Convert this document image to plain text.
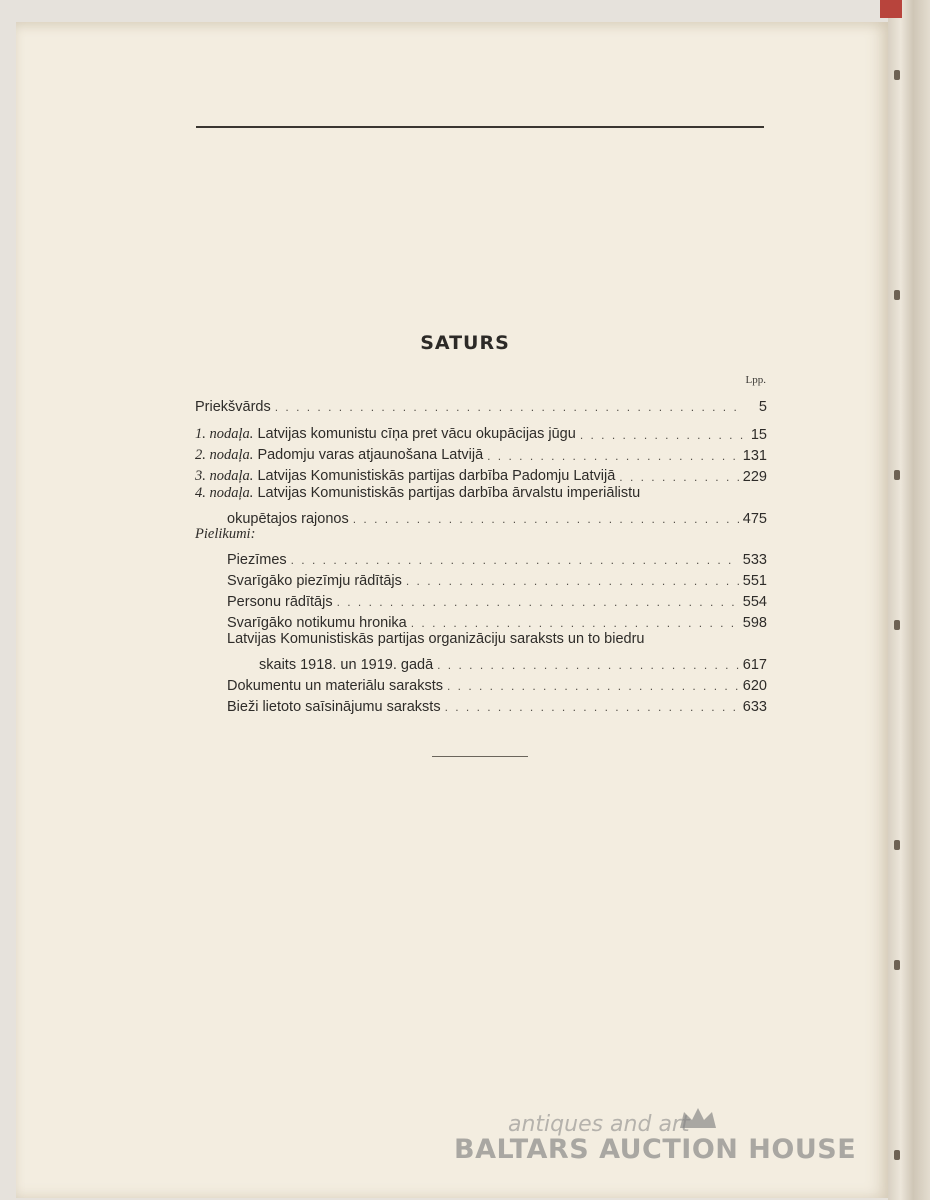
SATURS
Lpp.
Priekšvārds . . .	5
1. nodaļa. Latvijas komunistu cīņa pret vācu okupācijas jūgu . . .	15
2. nodaļa. Padomju varas atjaunošana Latvijā . . .	131
3. nodaļa. Latvijas Komunistiskās partijas darbība Padomju Latvijā . . .	229
4. nodaļa. Latvijas Komunistiskās partijas darbība ārvalstu imperiālistu
okupētajos rajonos . . .	475
Pielikumi:
Piezīmes . . .	533
Svarīgāko piezīmju rādītājs . . .	551
Personu rādītājs . . .	554
Svarīgāko notikumu hronika . . .	598
Latvijas Komunistiskās partijas organizāciju saraksts un to biedru
skaits 1918. un 1919. gadā . . .	617
Dokumentu un materiālu saraksts . . .	620
Bieži lietoto saīsinājumu saraksts . . .	633
antiques and art
BALTARS AUCTION HOUSE
